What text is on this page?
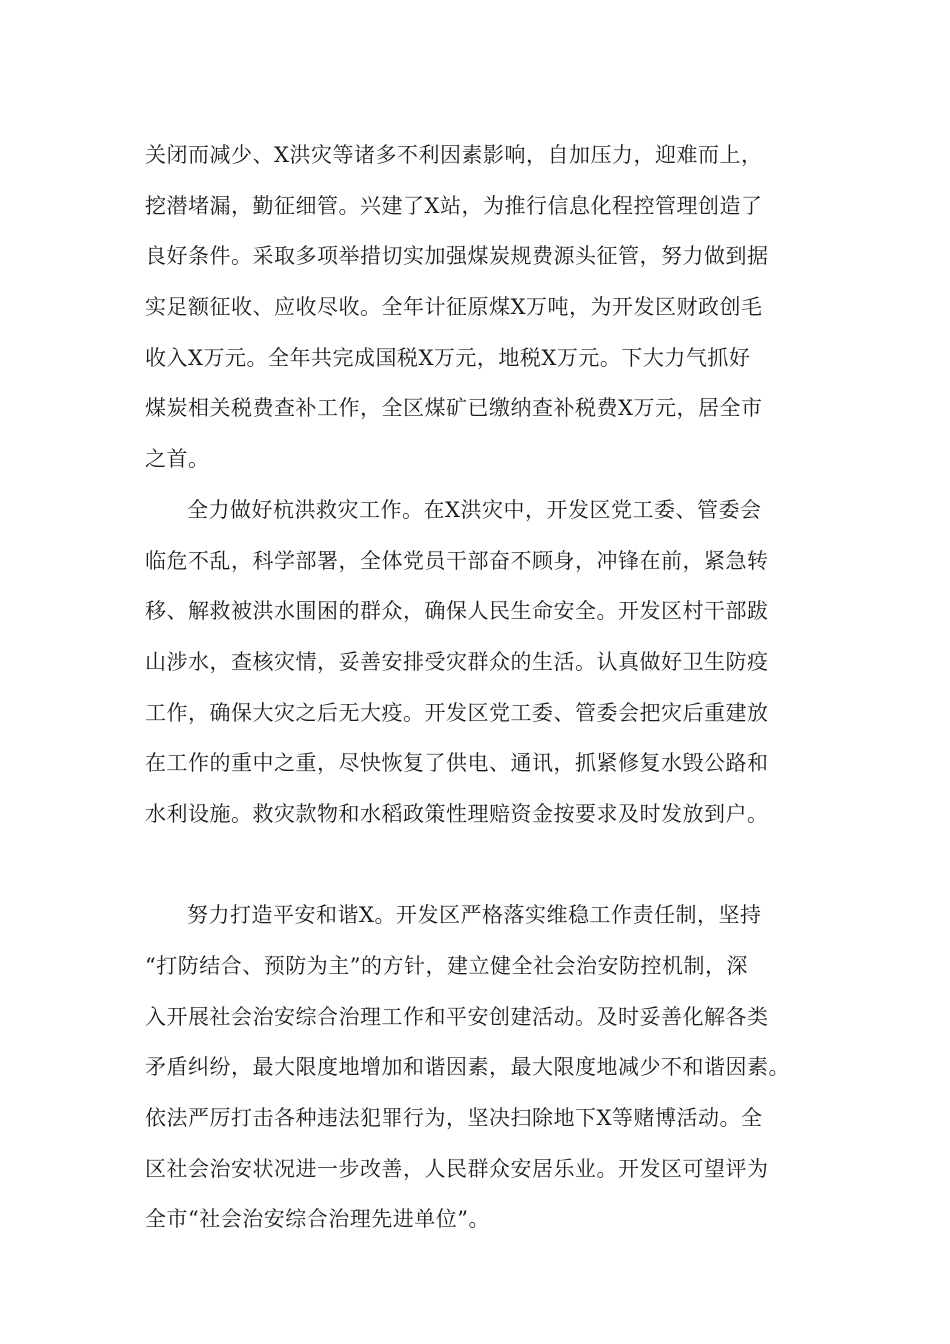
关闭而减少、X洪灾等诸多不利因素影响，自加压力，迎难而上，
挖潜堵漏，勤征细管。兴建了X站，为推行信息化程控管理创造了
良好条件。采取多项举措切实加强煤炭规费源头征管，努力做到据
实足额征收、应收尽收。全年计征原煤X万吨，为开发区财政创毛
收入X万元。全年共完成国税X万元，地税X万元。下大力气抓好
煤炭相关税费查补工作，全区煤矿已缴纳查补税费X万元，居全市
之首。
全力做好杭洪救灾工作。在X洪灾中，开发区党工委、管委会
临危不乱，科学部署，全体党员干部奋不顾身，冲锋在前，紧急转
移、解救被洪水围困的群众，确保人民生命安全。开发区村干部跋
山涉水，查核灾情，妥善安排受灾群众的生活。认真做好卫生防疫
工作，确保大灾之后无大疫。开发区党工委、管委会把灾后重建放
在工作的重中之重，尽快恢复了供电、通讯，抓紧修复水毁公路和
水利设施。救灾款物和水稻政策性理赔资金按要求及时发放到户。
努力打造平安和谐X。开发区严格落实维稳工作责任制，坚持
“打防结合、预防为主”的方针，建立健全社会治安防控机制，深
入开展社会治安综合治理工作和平安创建活动。及时妥善化解各类
矛盾纠纷，最大限度地增加和谐因素，最大限度地减少不和谐因素。
依法严厉打击各种违法犯罪行为，坚决扫除地下X等赌博活动。全
区社会治安状况进一步改善，人民群众安居乐业。开发区可望评为
全市“社会治安综合治理先进单位”。
